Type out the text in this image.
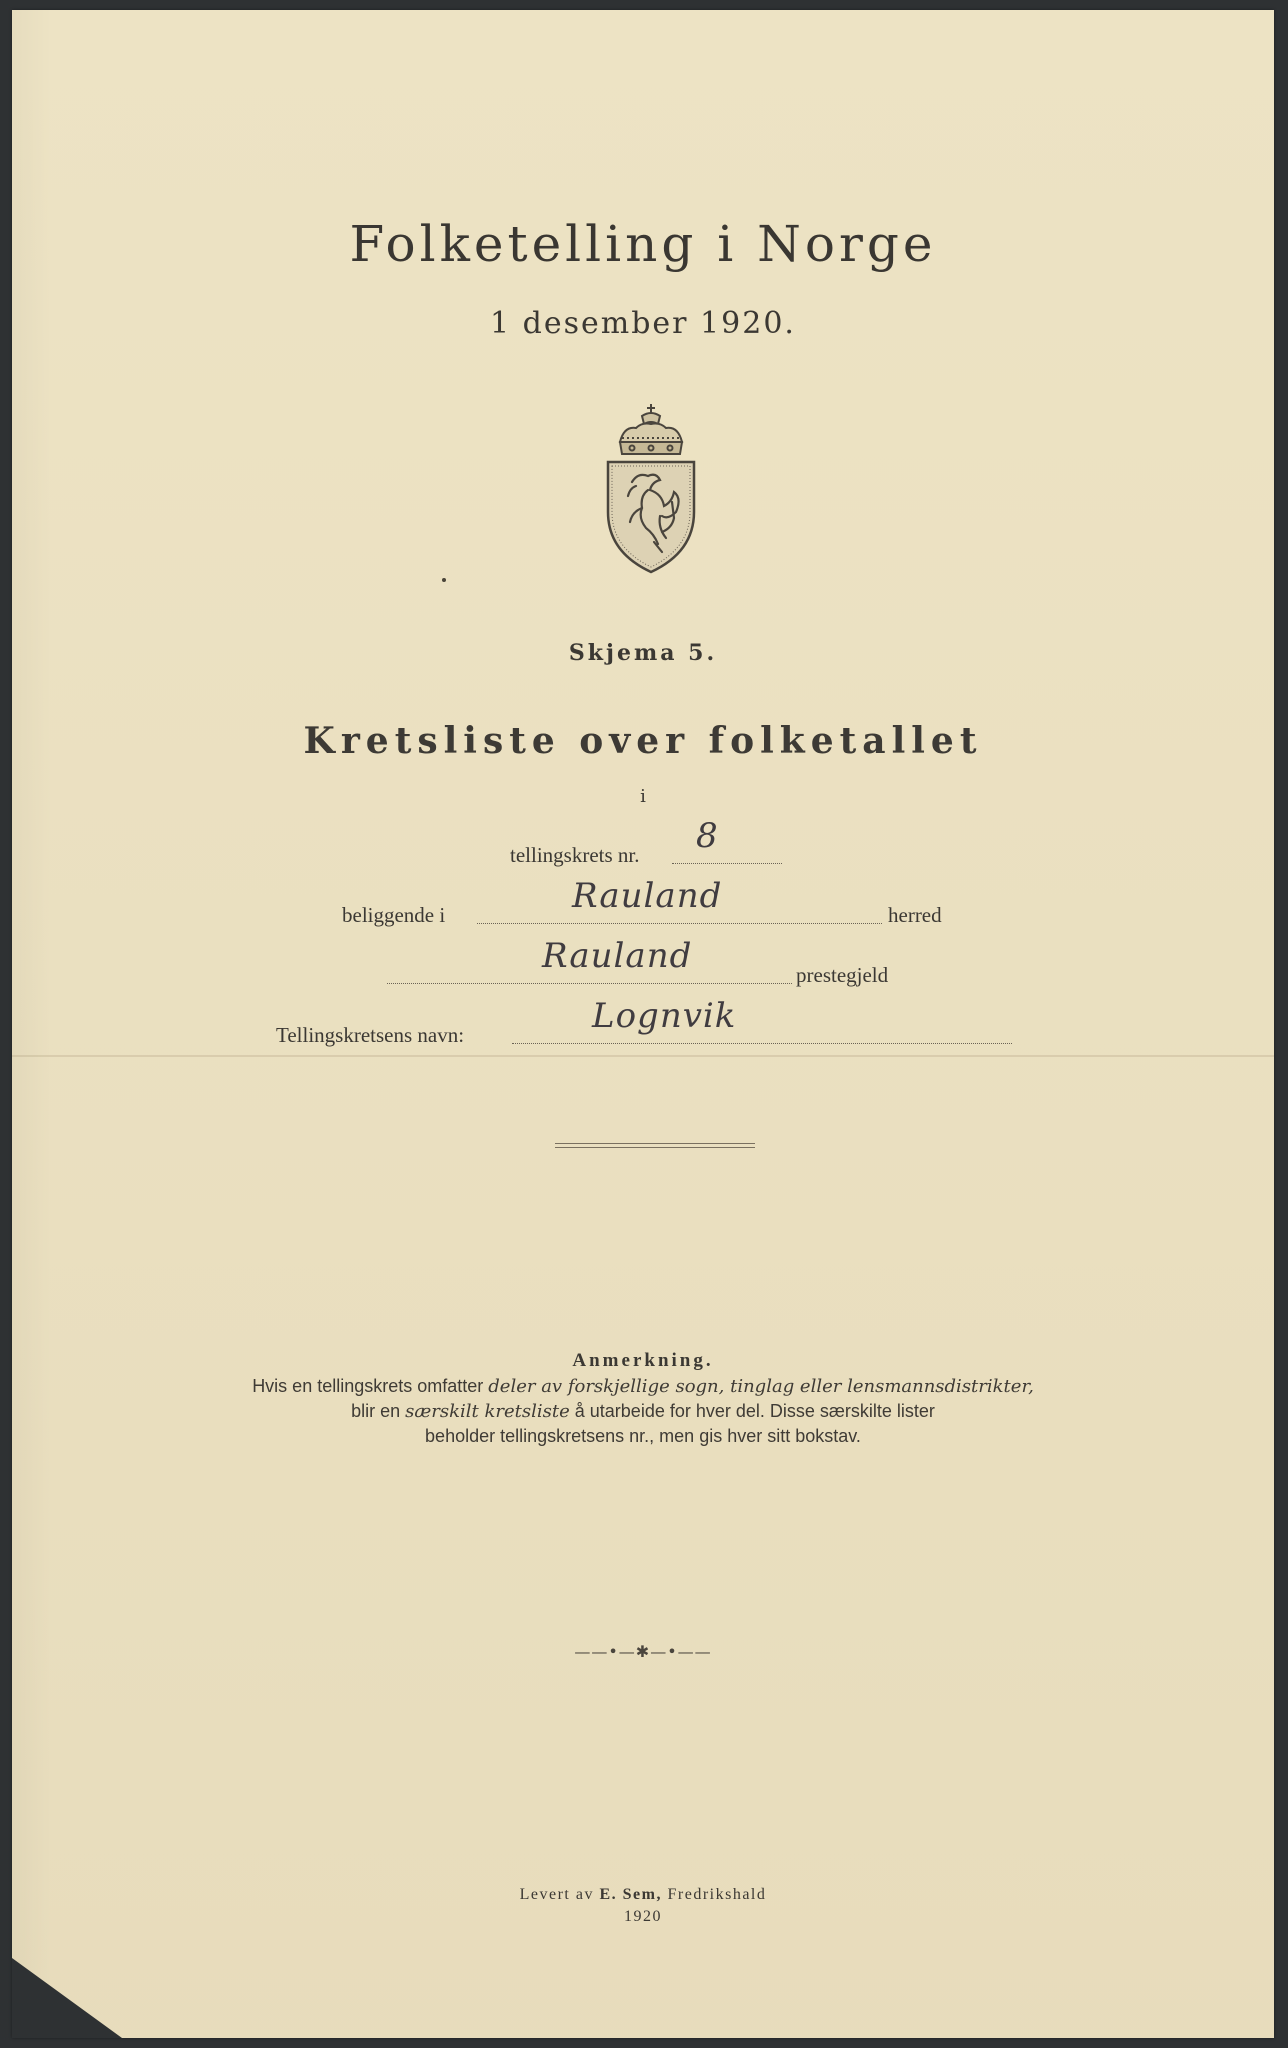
Folketelling i Norge
1 desember 1920.
Skjema 5.
Kretsliste over folketallet
i
tellingskrets nr. 8
beliggende i	Rauland	herred
Rauland	prestegjeld
Tellingskretsens navn:	Lognvik
Anmerkning.
Hvis en tellingskrets omfatter deler av forskjellige sogn, tinglag eller lensmannsdistrikter,
blir en særskilt kretsliste å utarbeide for hver del. Disse særskilte lister
beholder tellingskretsens nr., men gis hver sitt bokstav.
——•—✱—•——
Levert av E. Sem, Fredrikshald
1920
